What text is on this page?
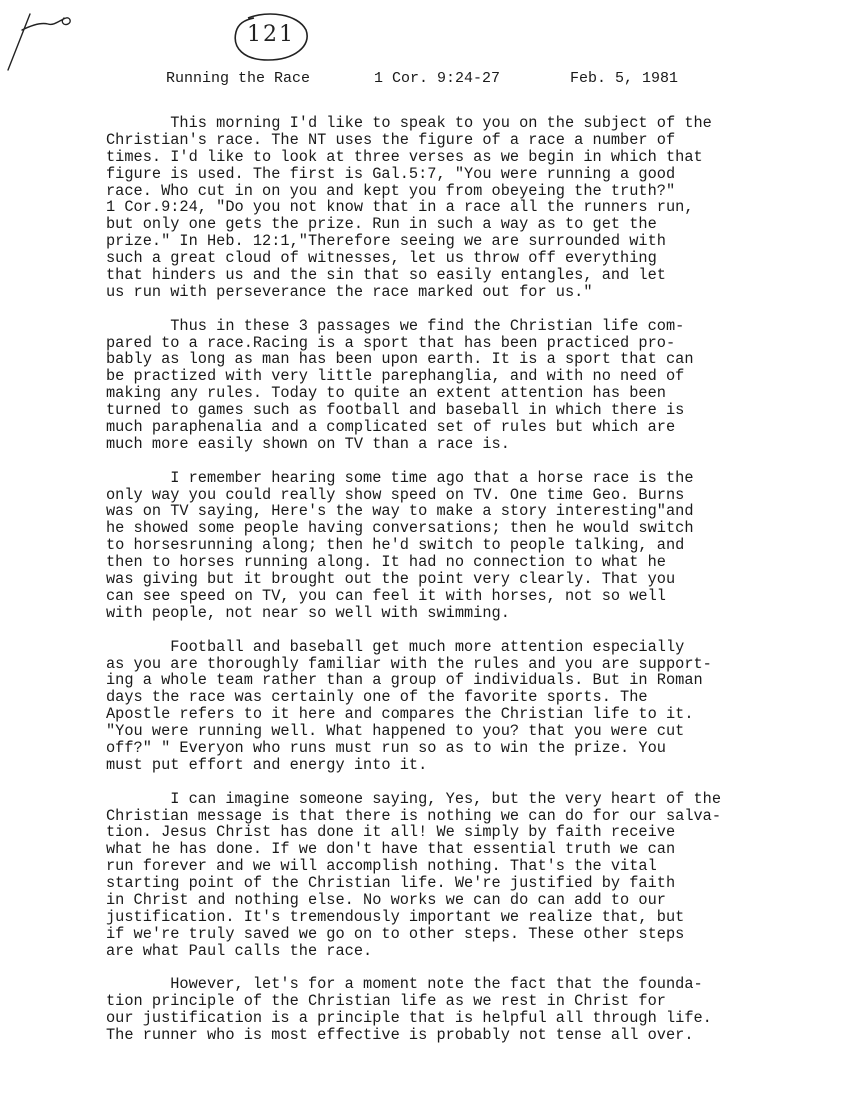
121

Running the Race

	1 Cor. 9:24-27

	Feb. 5, 1981

This morning I'd like to speak to you on the subject of the
Christian's race. The NT uses the figure of a race a number of
times. I'd like to look at three verses as we begin in which that
figure is used. The first is Gal.5:7, "You were running a good
race. Who cut in on you and kept you from obeyeing the truth?"
1 Cor.9:24, "Do you not know that in a race all the runners run,
but only one gets the prize. Run in such a way as to get the
prize." In Heb. 12:1,"Therefore seeing we are surrounded with
such a great cloud of witnesses, let us throw off everything
that hinders us and the sin that so easily entangles, and let
us run with perseverance the race marked out for us."
Thus in these 3 passages we find the Christian life com-
pared to a race.Racing is a sport that has been practiced pro-
bably as long as man has been upon earth. It is a sport that can
be practized with very little parephanglia, and with no need of
making any rules. Today to quite an extent attention has been
turned to games such as football and baseball in which there is
much paraphenalia and a complicated set of rules but which are
much more easily shown on TV than a race is.
I remember hearing some time ago that a horse race is the
only way you could really show speed on TV. One time Geo. Burns
was on TV saying, Here's the way to make a story interesting"and
he showed some people having conversations; then he would switch
to horsesrunning along; then he'd switch to people talking, and
then to horses running along. It had no connection to what he
was giving but it brought out the point very clearly. That you
can see speed on TV, you can feel it with horses, not so well
with people, not near so well with swimming.
Football and baseball get much more attention especially
as you are thoroughly familiar with the rules and you are support-
ing a whole team rather than a group of individuals. But in Roman
days the race was certainly one of the favorite sports. The
Apostle refers to it here and compares the Christian life to it.
"You were running well. What happened to you? that you were cut
off?" " Everyon who runs must run so as to win the prize. You
must put effort and energy into it.
I can imagine someone saying, Yes, but the very heart of the
Christian message is that there is nothing we can do for our salva-
tion. Jesus Christ has done it all! We simply by faith receive
what he has done. If we don't have that essential truth we can
run forever and we will accomplish nothing. That's the vital
starting point of the Christian life. We're justified by faith
in Christ and nothing else. No works we can do can add to our
justification. It's tremendously important we realize that, but
if we're truly saved we go on to other steps. These other steps
are what Paul calls the race.
However, let's for a moment note the fact that the founda-
tion principle of the Christian life as we rest in Christ for
our justification is a principle that is helpful all through life.
The runner who is most effective is probably not tense all over.
